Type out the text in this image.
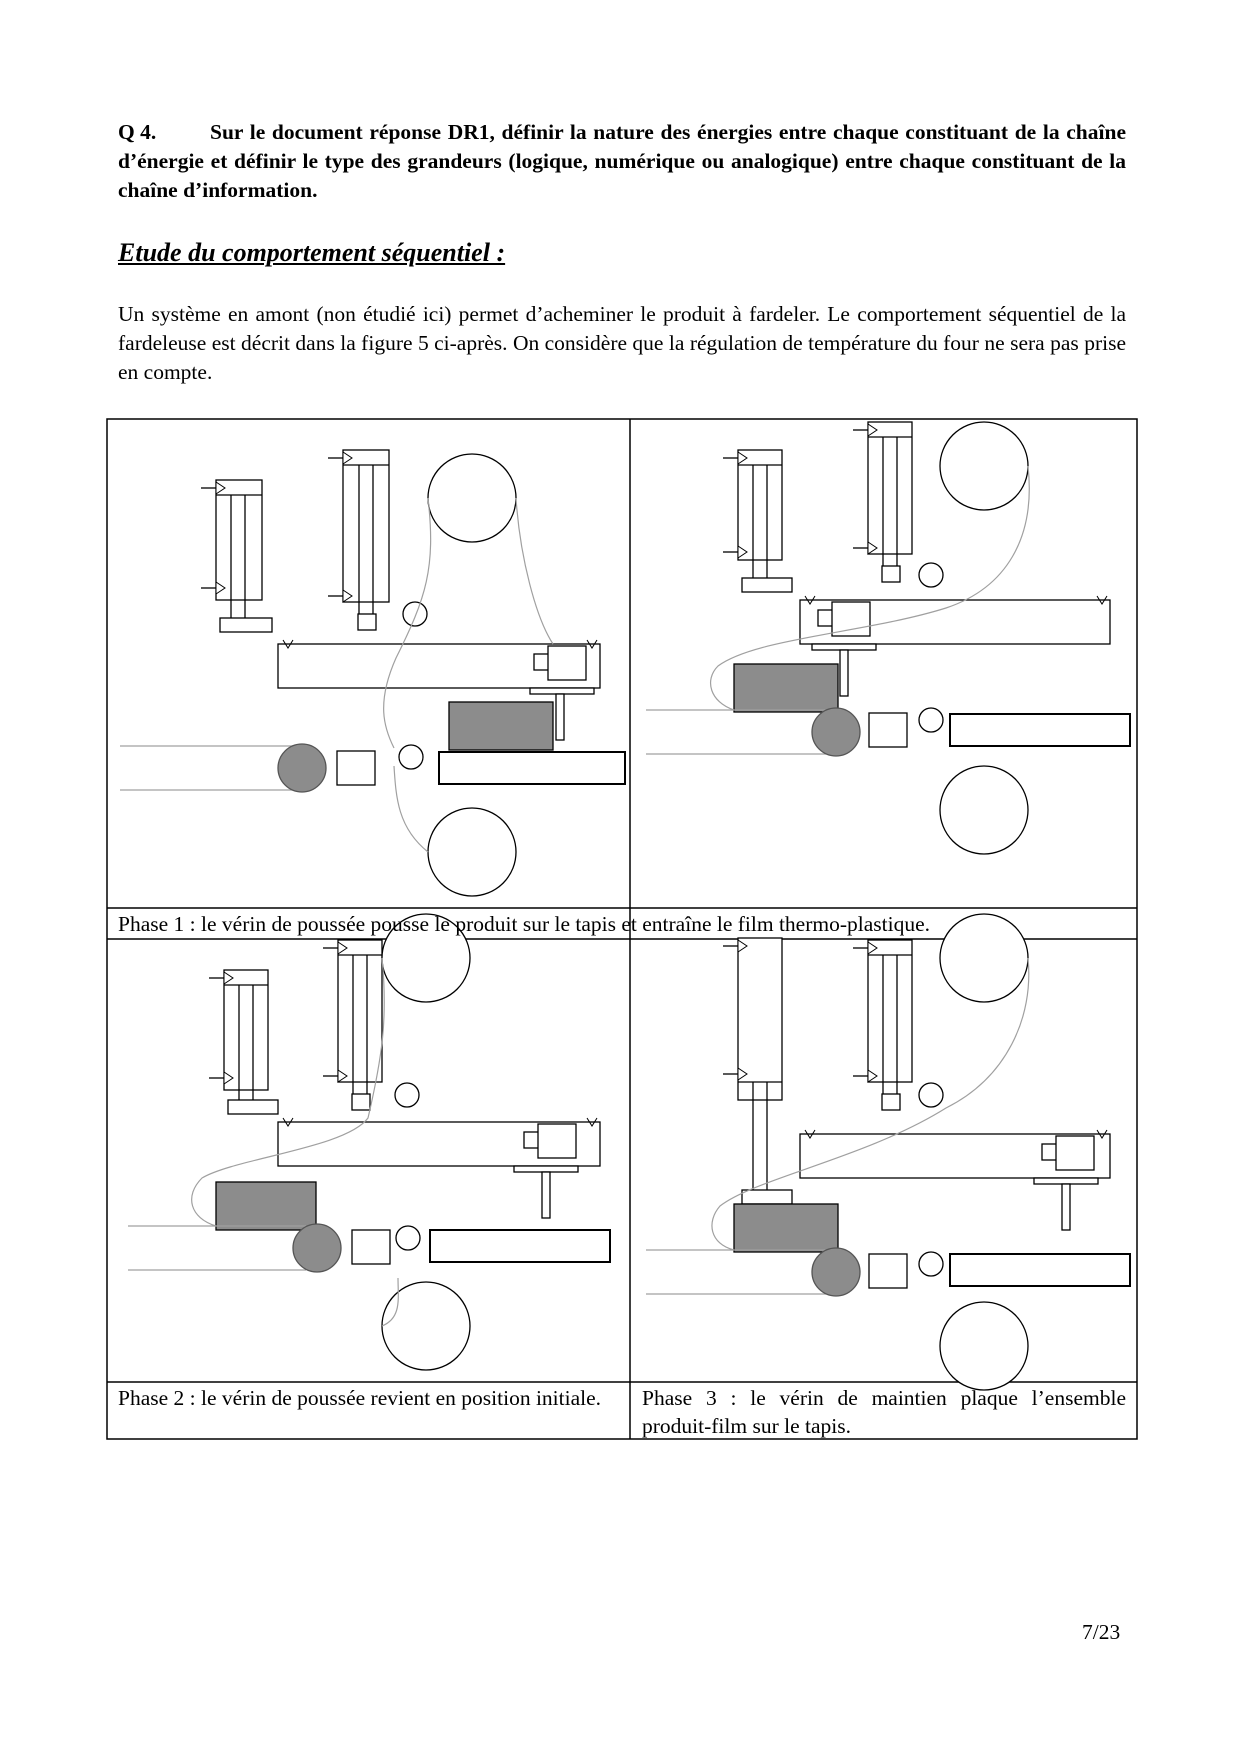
Q 4.	Sur le document réponse DR1, définir la nature des énergies entre chaque constituant de la chaîne d’énergie et définir le type des grandeurs (logique, numérique ou analogique) entre chaque constituant de la chaîne d’information.
Etude du comportement séquentiel :
Un système en amont (non étudié ici) permet d’acheminer le produit à fardeler. Le comportement séquentiel de la fardeleuse est décrit dans la figure 5 ci-après. On considère que la régulation de température du four ne sera pas prise en compte.
Phase 1 : le vérin de poussée pousse le produit sur le tapis et entraîne le film thermo-plastique.
Phase 2 : le vérin de poussée revient en position initiale.	Phase 3 : le vérin de maintien plaque l’ensemble produit-film sur le tapis.
7/23
